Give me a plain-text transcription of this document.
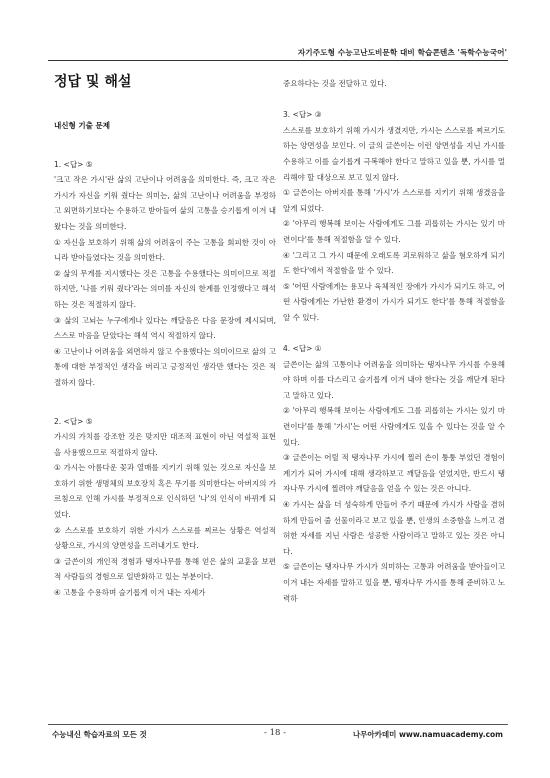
자기주도형 수능고난도비문학 대비 학습콘텐츠 '독학수능국어'
정답 및 해설

내신형 기출 문제

1. <답> ⑤

'크고 작은 가시'란 삶의 고난이나 어려움을 의미한다. 즉, 크고 작은 가시가 자신을 키워 줬다는 의미는, 삶의 고난이나 어려움을 부정하고 외면하기보다는 수용하고 받아들여 삶의 고통을 승기롭게 이겨 내 왔다는 것을 의미한다.

① 자신을 보호하기 위해 삶의 어려움이 주는 고통을 회피한 것이 아니라 받아들였다는 것을 의미한다.

② 삶의 무게를 지시했다는 것은 고통을 수용했다는 의미이므로 적절하지만, '나를 키워 줬다'라는 의미를 자신의 한계를 인정했다고 해석하는 것은 적절하지 않다.

③ 삶의 고뇌는 누구에게나 있다는 깨달음은 다음 문장에 제시되며, 스스로 마음을 닫았다는 해석 역시 적절하지 않다.

④ 고난이나 어려움을 외면하지 않고 수용했다는 의미이므로 삶의 고통에 대한 부정적인 생각을 버리고 긍정적인 생각만 했다는 것은 적절하지 않다.

2. <답> ⑤

가시의 가치를 강조한 것은 맞지만 대조적 표현이 아닌 역설적 표현을 사용했으므로 적절하지 않다.

① 가시는 아름다운 꽃과 열매를 지키기 위해 있는 것으로 자신을 보호하기 위한 생명체의 보호장치 혹은 무기를 의미한다는 아버지의 가르침으로 인해 가시를 부정적으로 인식하던 '나'의 인식이 바뀌게 되었다.

② 스스로를 보호하기 위한 가시가 스스로를 찌르는 상황은 역설적 상황으로, 가시의 양면성을 드러내기도 한다.

③ 글쓴이의 개인적 경험과 탱자나무를 통해 얻은 삶의 교훈을 보편적 사람들의 경험으로 일반화하고 있는 부분이다.

④ 고통을 수용하며 슬기롭게 이겨 내는 자세가

중요하다는 것을 전달하고 있다.

3. <답> ③

스스로를 보호하기 위해 가시가 생겼지만, 가시는 스스로를 찌르기도 하는 양면성을 보인다. 이 글의 글쓴이는 이런 양면성을 지닌 가시를 수용하고 이를 슬기롭게 극복해야 한다고 말하고 있을 뿐, 가시를 멀리해야 할 대상으로 보고 있지 않다.

① 글쓴이는 아버지를 통해 '가시'가 스스로를 지키기 위해 생겼음을 알게 되었다.

② '아무리 행복해 보이는 사람에게도 그를 괴롭히는 가시는 있기 마련이다'를 통해 적절함을 알 수 있다.

④ '그리고 그 가시 때문에 오래도록 괴로워하고 삶을 혐오하게 되기도 한다'에서 적절함을 알 수 있다.

⑤ '어떤 사람에게는 용모나 육체적인 장애가 가시가 되기도 하고, 어떤 사람에게는 가난한 환경이 가시가 되기도 한다'를 통해 적절함을 알 수 있다.

4. <답> ①

글쓴이는 삶의 고통이나 어려움을 의미하는 탱자나무 가시를 수용해야 하며 이를 다스리고 슬기롭게 이겨 내야 한다는 것을 깨닫게 된다고 말하고 있다.

② '아무리 행복해 보이는 사람에게도 그를 괴롭히는 가시는 있기 마련이다'를 통해 '가시'는 어떤 사람에게도 있을 수 있다는 것을 알 수 있다.

③ 글쓴이는 어릴 적 탱자나무 가시에 찔러 손이 퉁퉁 부었던 경험이 계기가 되어 가시에 대해 생각하보고 깨달음을 얻었지만, 반드시 탱자나무 가시에 찔려야 깨달음을 얻을 수 있는 것은 아니다.

④ 가시는 삶을 더 성숙하게 만들어 주기 때문에 가시가 사람을 겸허하게 만들어 줄 선물이라고 보고 있을 뿐, 인생의 소중함을 느끼고 겸허한 자세를 지닌 사람은 성공한 사람이라고 말하고 있는 것은 아니다.

⑤ 글쓴이는 탱자나무 가시가 의미하는 고통과 어려움을 받아들이고 이겨 내는 자세를 말하고 있을 뿐, 탱자나무 가시를 통해 준비하고 노력하

수능내신 학습자료의 모든 것	- 18 -	나무아카데미 www.namuacademy.com
